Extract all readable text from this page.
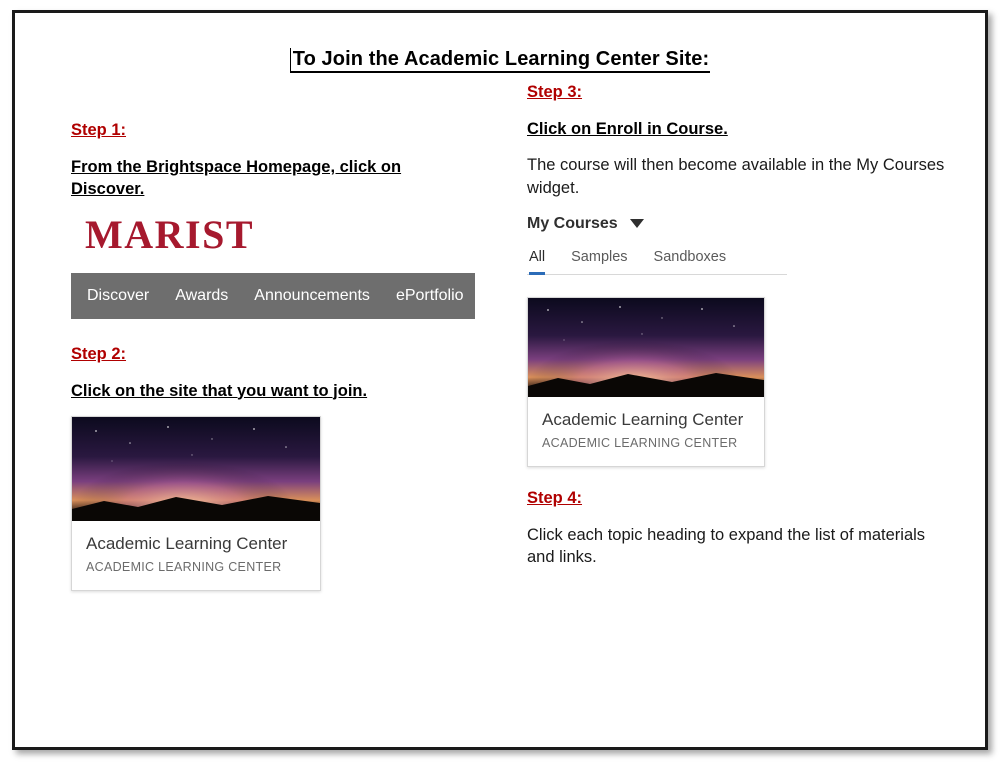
To Join the Academic Learning Center Site:
Step 1:
From the Brightspace Homepage, click on Discover.
MARIST
Discover Awards Announcements ePortfolio
Step 2:
Click on the site that you want to join.
Academic Learning Center
ACADEMIC LEARNING CENTER
Step 3:
Click on Enroll in Course.
The course will then become available in the My Courses widget.
My Courses
All Samples Sandboxes
Academic Learning Center
ACADEMIC LEARNING CENTER
Step 4:
Click each topic heading to expand the list of materials and links.
